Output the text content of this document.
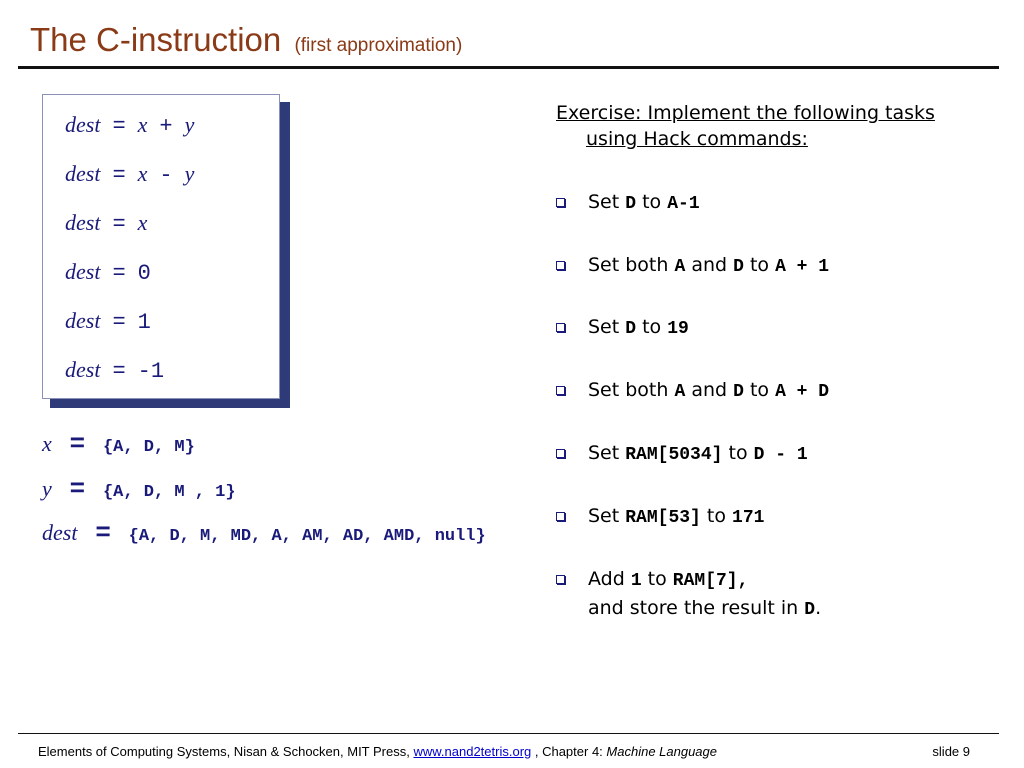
The C-instruction (first approximation)
dest = x + y
dest = x - y
dest = x
dest = 0
dest = 1
dest = -1
x = {A, D, M}
y = {A, D, M , 1}
dest = {A, D, M, MD, A, AM, AD, AMD, null}
Exercise: Implement the following tasks
using Hack commands:
Set D to A-1
Set both A and D to A + 1
Set D to 19
Set both A and D to A + D
Set RAM[5034] to D - 1
Set RAM[53] to 171
Add 1 to RAM[7],
and store the result in D.
Elements of Computing Systems, Nisan & Schocken, MIT Press, www.nand2tetris.org , Chapter 4: Machine Language	slide 9
